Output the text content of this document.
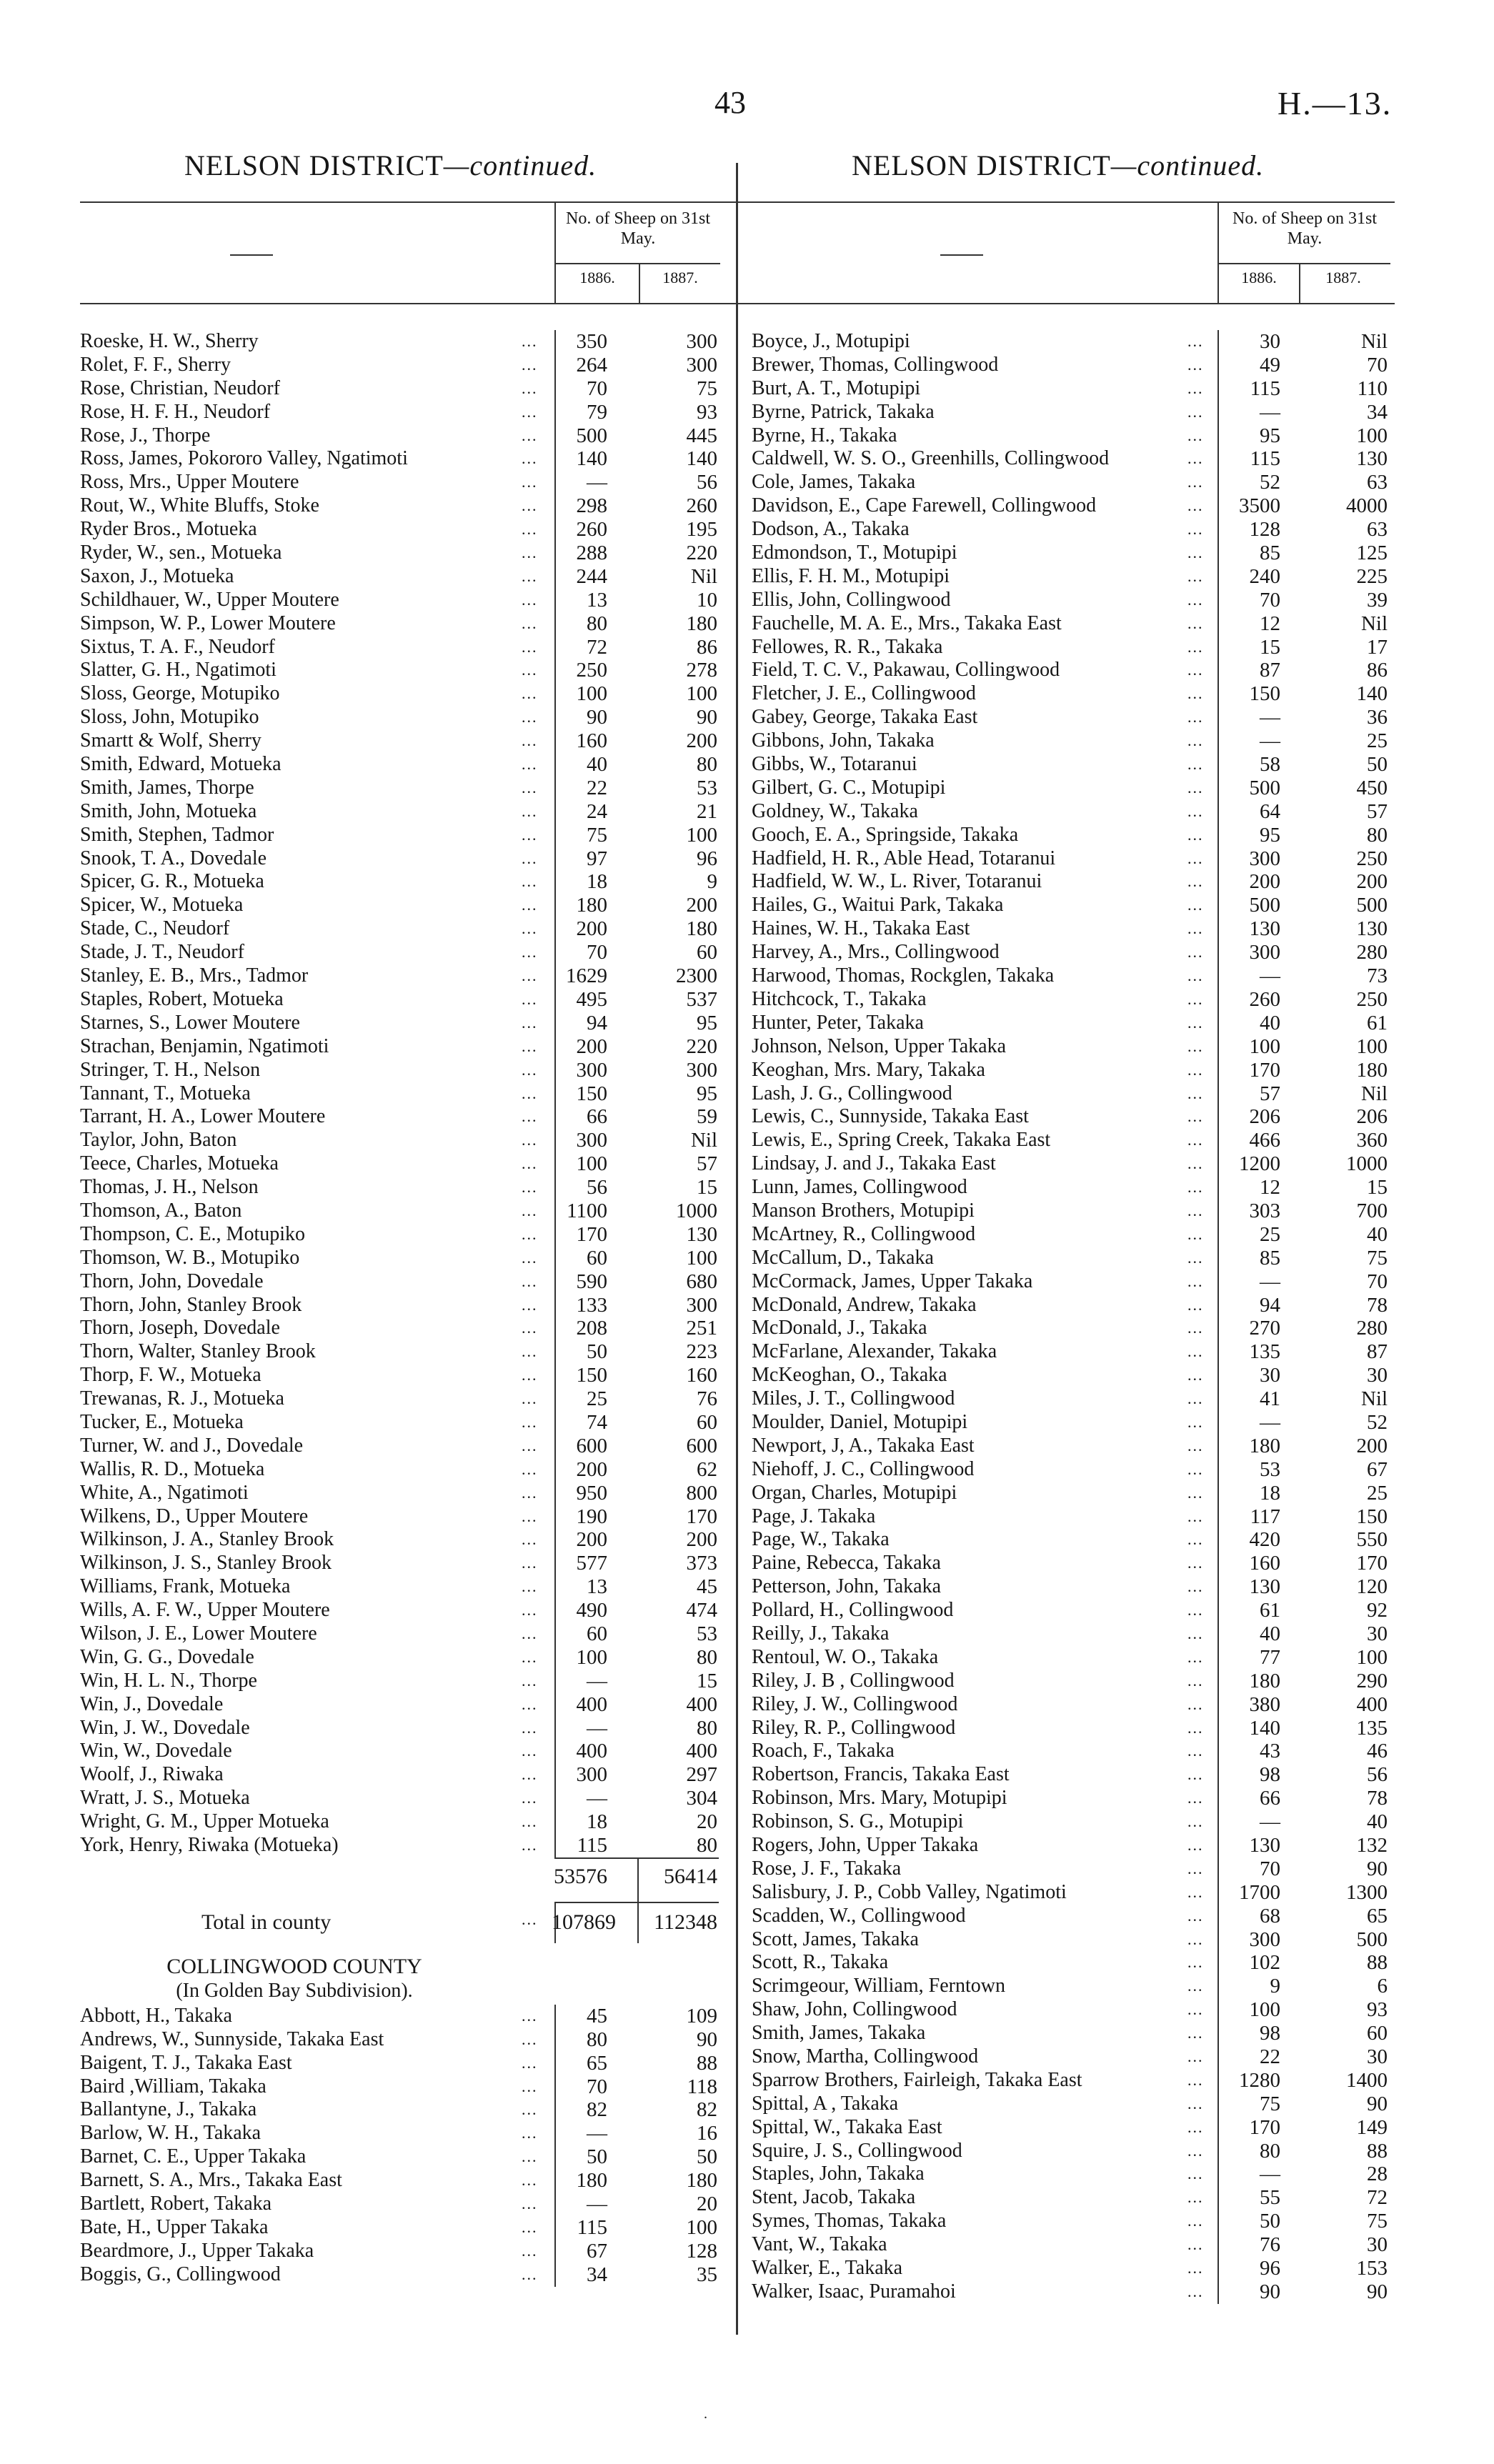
43	H.—13.
NELSON DISTRICT—continued.	NELSON DISTRICT—continued.
No. of Sheep on 31st May.
1886.	1887.
Roeske, H. W., Sherry	...	350	300
Rolet, F. F., Sherry	...	264	300
Rose, Christian, Neudorf	...	70	75
Rose, H. F. H., Neudorf	...	79	93
Rose, J., Thorpe	...	500	445
Ross, James, Pokororo Valley, Ngatimoti	...	140	140
Ross, Mrs., Upper Moutere	...	—	56
Rout, W., White Bluffs, Stoke	...	298	260
Ryder Bros., Motueka	...	260	195
Ryder, W., sen., Motueka	...	288	220
Saxon, J., Motueka	...	244	Nil
Schildhauer, W., Upper Moutere	...	13	10
Simpson, W. P., Lower Moutere	...	80	180
Sixtus, T. A. F., Neudorf	...	72	86
Slatter, G. H., Ngatimoti	...	250	278
Sloss, George, Motupiko	...	100	100
Sloss, John, Motupiko	...	90	90
Smartt & Wolf, Sherry	...	160	200
Smith, Edward, Motueka	...	40	80
Smith, James, Thorpe	...	22	53
Smith, John, Motueka	...	24	21
Smith, Stephen, Tadmor	...	75	100
Snook, T. A., Dovedale	...	97	96
Spicer, G. R., Motueka	...	18	9
Spicer, W., Motueka	...	180	200
Stade, C., Neudorf	...	200	180
Stade, J. T., Neudorf	...	70	60
Stanley, E. B., Mrs., Tadmor	...	1629	2300
Staples, Robert, Motueka	...	495	537
Starnes, S., Lower Moutere	...	94	95
Strachan, Benjamin, Ngatimoti	...	200	220
Stringer, T. H., Nelson	...	300	300
Tannant, T., Motueka	...	150	95
Tarrant, H. A., Lower Moutere	...	66	59
Taylor, John, Baton	...	300	Nil
Teece, Charles, Motueka	...	100	57
Thomas, J. H., Nelson	...	56	15
Thomson, A., Baton	...	1100	1000
Thompson, C. E., Motupiko	...	170	130
Thomson, W. B., Motupiko	...	60	100
Thorn, John, Dovedale	...	590	680
Thorn, John, Stanley Brook	...	133	300
Thorn, Joseph, Dovedale	...	208	251
Thorn, Walter, Stanley Brook	...	50	223
Thorp, F. W., Motueka	...	150	160
Trewanas, R. J., Motueka	...	25	76
Tucker, E., Motueka	...	74	60
Turner, W. and J., Dovedale	...	600	600
Wallis, R. D., Motueka	...	200	62
White, A., Ngatimoti	...	950	800
Wilkens, D., Upper Moutere	...	190	170
Wilkinson, J. A., Stanley Brook	...	200	200
Wilkinson, J. S., Stanley Brook	...	577	373
Williams, Frank, Motueka	...	13	45
Wills, A. F. W., Upper Moutere	...	490	474
Wilson, J. E., Lower Moutere	...	60	53
Win, G. G., Dovedale	...	100	80
Win, H. L. N., Thorpe	...	—	15
Win, J., Dovedale	...	400	400
Win, J. W., Dovedale	...	—	80
Win, W., Dovedale	...	400	400
Woolf, J., Riwaka	...	300	297
Wratt, J. S., Motueka	...	—	304
Wright, G. M., Upper Motueka	...	18	20
York, Henry, Riwaka (Motueka)	...	115	80
53576	56414
Total in county	... 107869	112348
COLLINGWOOD COUNTY
(In Golden Bay Subdivision).
Abbott, H., Takaka	...	45	109
Andrews, W., Sunnyside, Takaka East	...	80	90
Baigent, T. J., Takaka East	...	65	88
Baird ,William, Takaka	...	70	118
Ballantyne, J., Takaka	...	82	82
Barlow, W. H., Takaka	...	—	16
Barnet, C. E., Upper Takaka	...	50	50
Barnett, S. A., Mrs., Takaka East	...	180	180
Bartlett, Robert, Takaka	...	—	20
Bate, H., Upper Takaka	...	115	100
Beardmore, J., Upper Takaka	...	67	128
Boggis, G., Collingwood	...	34	35
No. of Sheep on 31st May.
1886.	1887.
Boyce, J., Motupipi	...	30	Nil
Brewer, Thomas, Collingwood	...	49	70
Burt, A. T., Motupipi	...	115	110
Byrne, Patrick, Takaka	...	—	34
Byrne, H., Takaka	...	95	100
Caldwell, W. S. O., Greenhills, Collingwood	...	115	130
Cole, James, Takaka	...	52	63
Davidson, E., Cape Farewell, Collingwood	...	3500	4000
Dodson, A., Takaka	...	128	63
Edmondson, T., Motupipi	...	85	125
Ellis, F. H. M., Motupipi	...	240	225
Ellis, John, Collingwood	...	70	39
Fauchelle, M. A. E., Mrs., Takaka East	...	12	Nil
Fellowes, R. R., Takaka	...	15	17
Field, T. C. V., Pakawau, Collingwood	...	87	86
Fletcher, J. E., Collingwood	...	150	140
Gabey, George, Takaka East	...	—	36
Gibbons, John, Takaka	...	—	25
Gibbs, W., Totaranui	...	58	50
Gilbert, G. C., Motupipi	...	500	450
Goldney, W., Takaka	...	64	57
Gooch, E. A., Springside, Takaka	...	95	80
Hadfield, H. R., Able Head, Totaranui	...	300	250
Hadfield, W. W., L. River, Totaranui	...	200	200
Hailes, G., Waitui Park, Takaka	...	500	500
Haines, W. H., Takaka East	...	130	130
Harvey, A., Mrs., Collingwood	...	300	280
Harwood, Thomas, Rockglen, Takaka	...	—	73
Hitchcock, T., Takaka	...	260	250
Hunter, Peter, Takaka	...	40	61
Johnson, Nelson, Upper Takaka	...	100	100
Keoghan, Mrs. Mary, Takaka	...	170	180
Lash, J. G., Collingwood	...	57	Nil
Lewis, C., Sunnyside, Takaka East	...	206	206
Lewis, E., Spring Creek, Takaka East	...	466	360
Lindsay, J. and J., Takaka East	...	1200	1000
Lunn, James, Collingwood	...	12	15
Manson Brothers, Motupipi	...	303	700
McArtney, R., Collingwood	...	25	40
McCallum, D., Takaka	...	85	75
McCormack, James, Upper Takaka	...	—	70
McDonald, Andrew, Takaka	...	94	78
McDonald, J., Takaka	...	270	280
McFarlane, Alexander, Takaka	...	135	87
McKeoghan, O., Takaka	...	30	30
Miles, J. T., Collingwood	...	41	Nil
Moulder, Daniel, Motupipi	...	—	52
Newport, J, A., Takaka East	...	180	200
Niehoff, J. C., Collingwood	...	53	67
Organ, Charles, Motupipi	...	18	25
Page, J. Takaka	...	117	150
Page, W., Takaka	...	420	550
Paine, Rebecca, Takaka	...	160	170
Petterson, John, Takaka	...	130	120
Pollard, H., Collingwood	...	61	92
Reilly, J., Takaka	...	40	30
Rentoul, W. O., Takaka	...	77	100
Riley, J. B , Collingwood	...	180	290
Riley, J. W., Collingwood	...	380	400
Riley, R. P., Collingwood	...	140	135
Roach, F., Takaka	...	43	46
Robertson, Francis, Takaka East	...	98	56
Robinson, Mrs. Mary, Motupipi	...	66	78
Robinson, S. G., Motupipi	...	—	40
Rogers, John, Upper Takaka	...	130	132
Rose, J. F., Takaka	...	70	90
Salisbury, J. P., Cobb Valley, Ngatimoti	...	1700	1300
Scadden, W., Collingwood	...	68	65
Scott, James, Takaka	...	300	500
Scott, R., Takaka	...	102	88
Scrimgeour, William, Ferntown	...	9	6
Shaw, John, Collingwood	...	100	93
Smith, James, Takaka	...	98	60
Snow, Martha, Collingwood	...	22	30
Sparrow Brothers, Fairleigh, Takaka East	...	1280	1400
Spittal, A , Takaka	...	75	90
Spittal, W., Takaka East	...	170	149
Squire, J. S., Collingwood	...	80	88
Staples, John, Takaka	...	—	28
Stent, Jacob, Takaka	...	55	72
Symes, Thomas, Takaka	...	50	75
Vant, W., Takaka	...	76	30
Walker, E., Takaka	...	96	153
Walker, Isaac, Puramahoi	...	90	90
.
